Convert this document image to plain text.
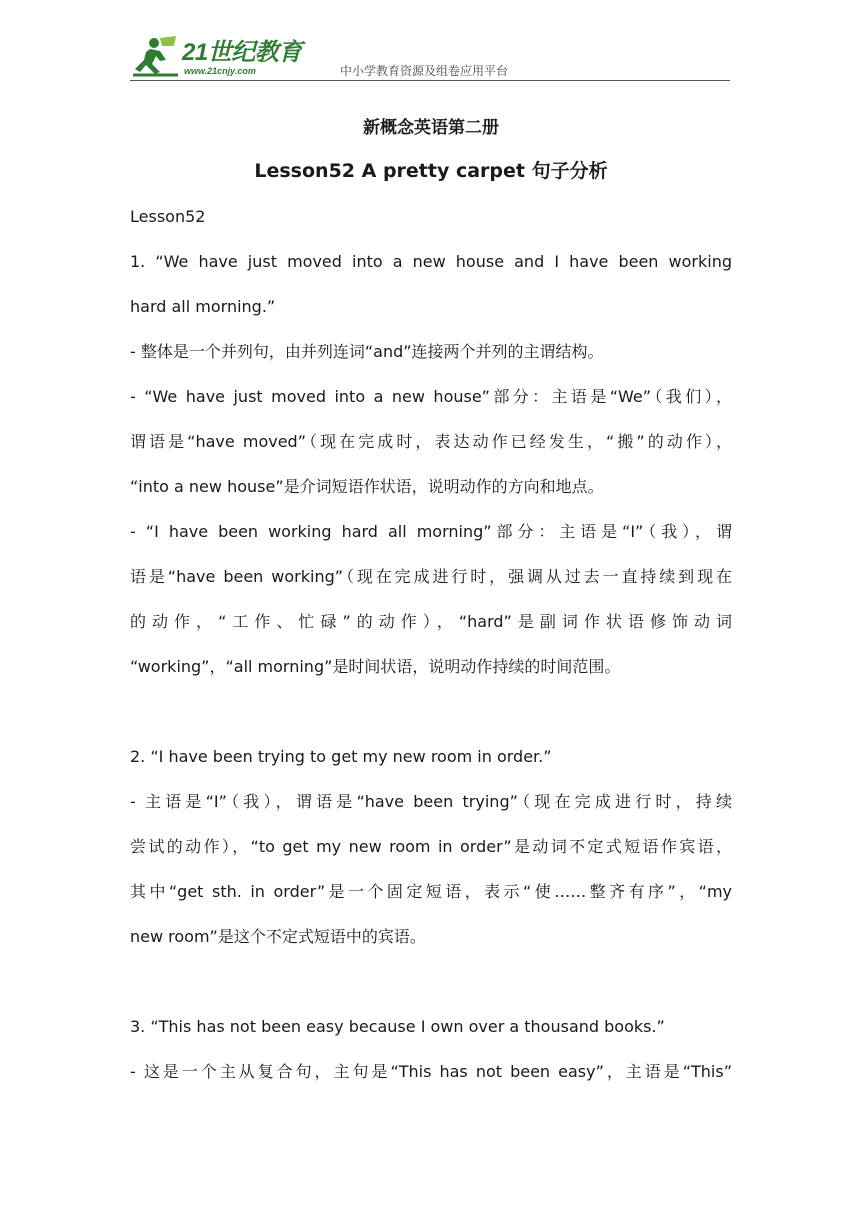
21世纪教育
www.21cnjy.com	中小学教育资源及组卷应用平台
新概念英语第二册
Lesson52 A pretty carpet 句子分析
Lesson52
1. “We have just moved into a new house and I have been working
hard all morning.”
- 整体是一个并列句，由并列连词“and”连接两个并列的主谓结构。
- “We have just moved into a new house”部分：主语是“We”（我们），
谓语是“have moved”（现在完成时，表达动作已经发生，“搬”的动作），
“into a new house”是介词短语作状语，说明动作的方向和地点。
- “I have been working hard all morning”部分：主语是“I”（我），谓
语是“have been working”（现在完成进行时，强调从过去一直持续到现在
的动作，“工作、忙碌”的动作），“hard”是副词作状语修饰动词
“working”，“all morning”是时间状语，说明动作持续的时间范围。
2. “I have been trying to get my new room in order.”
- 主语是“I”（我），谓语是“have been trying”（现在完成进行时，持续
尝试的动作），“to get my new room in order”是动词不定式短语作宾语，
其中“get sth. in order”是一个固定短语，表示“使……整齐有序”，“my
new room”是这个不定式短语中的宾语。
3. “This has not been easy because I own over a thousand books.”
- 这是一个主从复合句，主句是“This has not been easy”，主语是“This”
